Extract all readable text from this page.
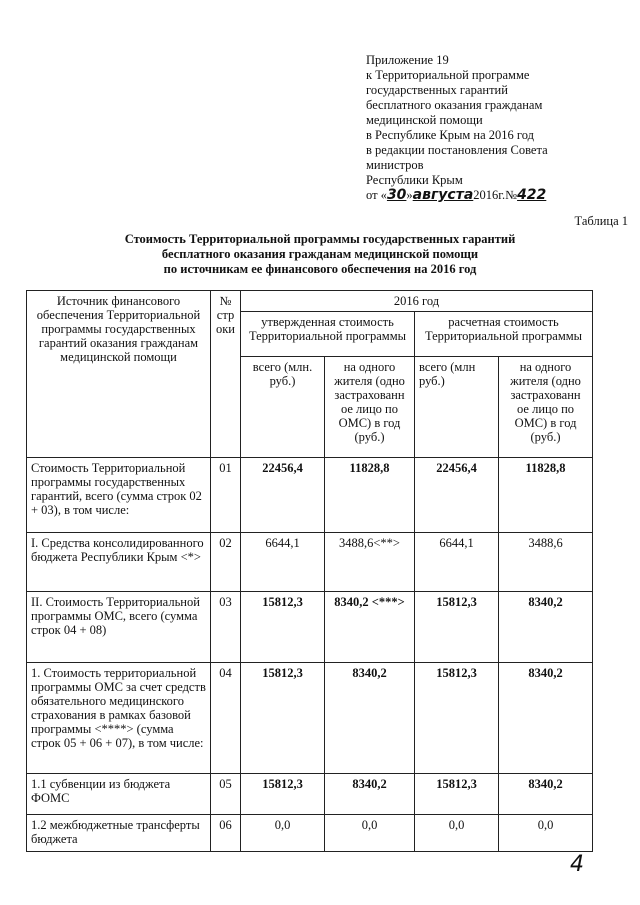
Приложение 19
к Территориальной программе
государственных гарантий
бесплатного оказания гражданам
медицинской помощи
в Республике Крым на 2016 год
в редакции постановления Совета
министров
Республики Крым
от «30»августа2016г.№422
Таблица 1
Стоимость Территориальной программы государственных гарантий
бесплатного оказания гражданам медицинской помощи
по источникам ее финансового обеспечения на 2016 год
Источник финансового обеспечения Территориальной программы государственных гарантий оказания гражданам медицинской помощи	№ стр оки	2016 год			
		утвержденная стоимость Территориальной программы		расчетная стоимость Территориальной программы	
		всего (млн. руб.)	на одного жителя (одно застрахованн ое лицо по ОМС) в год (руб.)	всего (млн руб.)	на одного жителя (одно застрахованн ое лицо по ОМС) в год (руб.)
Стоимость Территориальной программы государственных гарантий, всего (сумма строк 02 + 03), в том числе:	01	22456,4	11828,8	22456,4	11828,8
I. Средства консолидированного бюджета Республики Крым <*>	02	6644,1	3488,6<**>	6644,1	3488,6
II. Стоимость Территориальной программы ОМС, всего (сумма строк 04 + 08)	03	15812,3	8340,2 <***>	15812,3	8340,2
1. Стоимость территориальной программы ОМС за счет средств обязательного медицинского страхования в рамках базовой программы <****> (сумма строк 05 + 06 + 07), в том числе:	04	15812,3	8340,2	15812,3	8340,2
1.1 субвенции из бюджета ФОМС	05	15812,3	8340,2	15812,3	8340,2
1.2 межбюджетные трансферты бюджета	06	0,0	0,0	0,0	0,0
4
